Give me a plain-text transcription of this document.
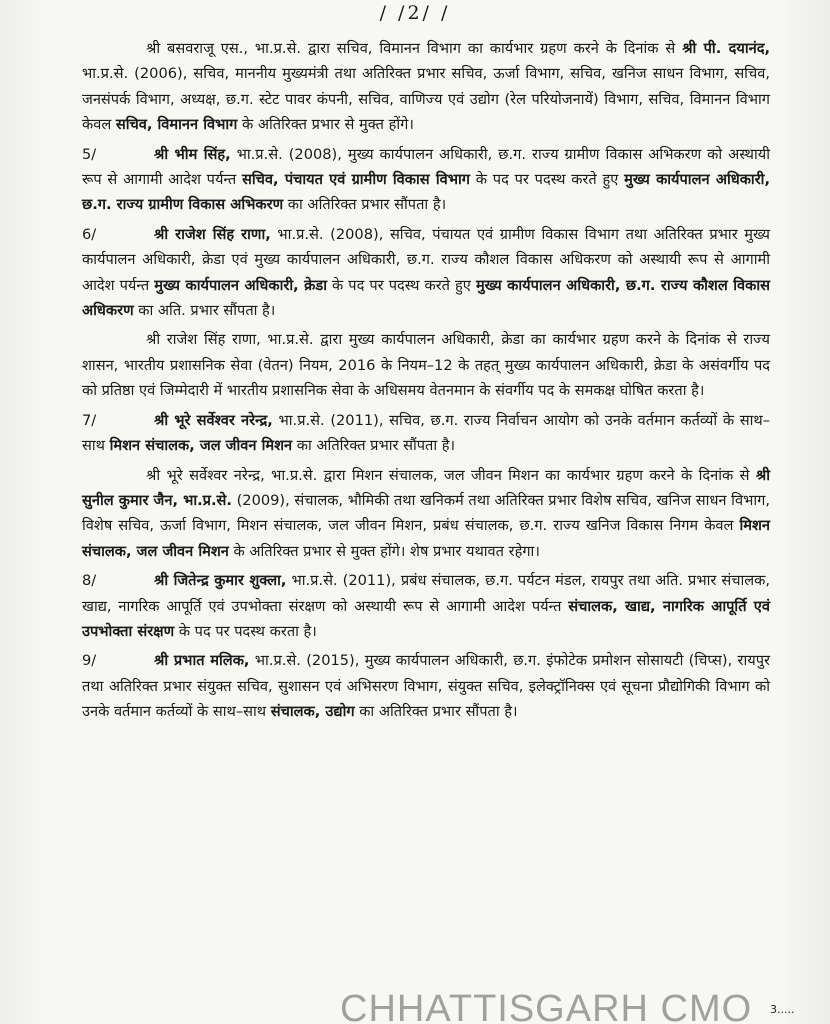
/ /2/ /

श्री बसवराजू एस., भा.प्र.से. द्वारा सचिव, विमानन विभाग का कार्यभार ग्रहण करने के दिनांक से श्री पी. दयानंद, भा.प्र.से. (2006), सचिव, माननीय मुख्यमंत्री तथा अतिरिक्त प्रभार सचिव, ऊर्जा विभाग, सचिव, खनिज साधन विभाग, सचिव, जनसंपर्क विभाग, अध्यक्ष, छ.ग. स्टेट पावर कंपनी, सचिव, वाणिज्य एवं उद्योग (रेल परियोजनायें) विभाग, सचिव, विमानन विभाग केवल सचिव, विमानन विभाग के अतिरिक्त प्रभार से मुक्त होंगे।

5/	श्री भीम सिंह, भा.प्र.से. (2008), मुख्य कार्यपालन अधिकारी, छ.ग. राज्य ग्रामीण विकास अभिकरण को अस्थायी रूप से आगामी आदेश पर्यन्त सचिव, पंचायत एवं ग्रामीण विकास विभाग के पद पर पदस्थ करते हुए मुख्य कार्यपालन अधिकारी, छ.ग. राज्य ग्रामीण विकास अभिकरण का अतिरिक्त प्रभार सौंपता है।

6/	श्री राजेश सिंह राणा, भा.प्र.से. (2008), सचिव, पंचायत एवं ग्रामीण विकास विभाग तथा अतिरिक्त प्रभार मुख्य कार्यपालन अधिकारी, क्रेडा एवं मुख्य कार्यपालन अधिकारी, छ.ग. राज्य कौशल विकास अधिकरण को अस्थायी रूप से आगामी आदेश पर्यन्त मुख्य कार्यपालन अधिकारी, क्रेडा के पद पर पदस्थ करते हुए मुख्य कार्यपालन अधिकारी, छ.ग. राज्य कौशल विकास अधिकरण का अति. प्रभार सौंपता है।

श्री राजेश सिंह राणा, भा.प्र.से. द्वारा मुख्य कार्यपालन अधिकारी, क्रेडा का कार्यभार ग्रहण करने के दिनांक से राज्य शासन, भारतीय प्रशासनिक सेवा (वेतन) नियम, 2016 के नियम–12 के तहत् मुख्य कार्यपालन अधिकारी, क्रेडा के असंवर्गीय पद को प्रतिष्ठा एवं जिम्मेदारी में भारतीय प्रशासनिक सेवा के अधिसमय वेतनमान के संवर्गीय पद के समकक्ष घोषित करता है।

7/	श्री भूरे सर्वेश्वर नरेन्द्र, भा.प्र.से. (2011), सचिव, छ.ग. राज्य निर्वाचन आयोग को उनके वर्तमान कर्तव्यों के साथ–साथ मिशन संचालक, जल जीवन मिशन का अतिरिक्त प्रभार सौंपता है।

श्री भूरे सर्वेश्वर नरेन्द्र, भा.प्र.से. द्वारा मिशन संचालक, जल जीवन मिशन का कार्यभार ग्रहण करने के दिनांक से श्री सुनील कुमार जैन, भा.प्र.से. (2009), संचालक, भौमिकी तथा खनिकर्म तथा अतिरिक्त प्रभार विशेष सचिव, खनिज साधन विभाग, विशेष सचिव, ऊर्जा विभाग, मिशन संचालक, जल जीवन मिशन, प्रबंध संचालक, छ.ग. राज्य खनिज विकास निगम केवल मिशन संचालक, जल जीवन मिशन के अतिरिक्त प्रभार से मुक्त होंगे। शेष प्रभार यथावत रहेगा।

8/	श्री जितेन्द्र कुमार शुक्ला, भा.प्र.से. (2011), प्रबंध संचालक, छ.ग. पर्यटन मंडल, रायपुर तथा अति. प्रभार संचालक, खाद्य, नागरिक आपूर्ति एवं उपभोक्ता संरक्षण को अस्थायी रूप से आगामी आदेश पर्यन्त संचालक, खाद्य, नागरिक आपूर्ति एवं उपभोक्ता संरक्षण के पद पर पदस्थ करता है।

9/	श्री प्रभात मलिक, भा.प्र.से. (2015), मुख्य कार्यपालन अधिकारी, छ.ग. इंफोटेक प्रमोशन सोसायटी (चिप्स), रायपुर तथा अतिरिक्त प्रभार संयुक्त सचिव, सुशासन एवं अभिसरण विभाग, संयुक्त सचिव, इलेक्ट्रॉनिक्स एवं सूचना प्रौद्योगिकी विभाग को उनके वर्तमान कर्तव्यों के साथ–साथ संचालक, उद्योग का अतिरिक्त प्रभार सौंपता है।

CHHATTISGARH CMO 3.....
